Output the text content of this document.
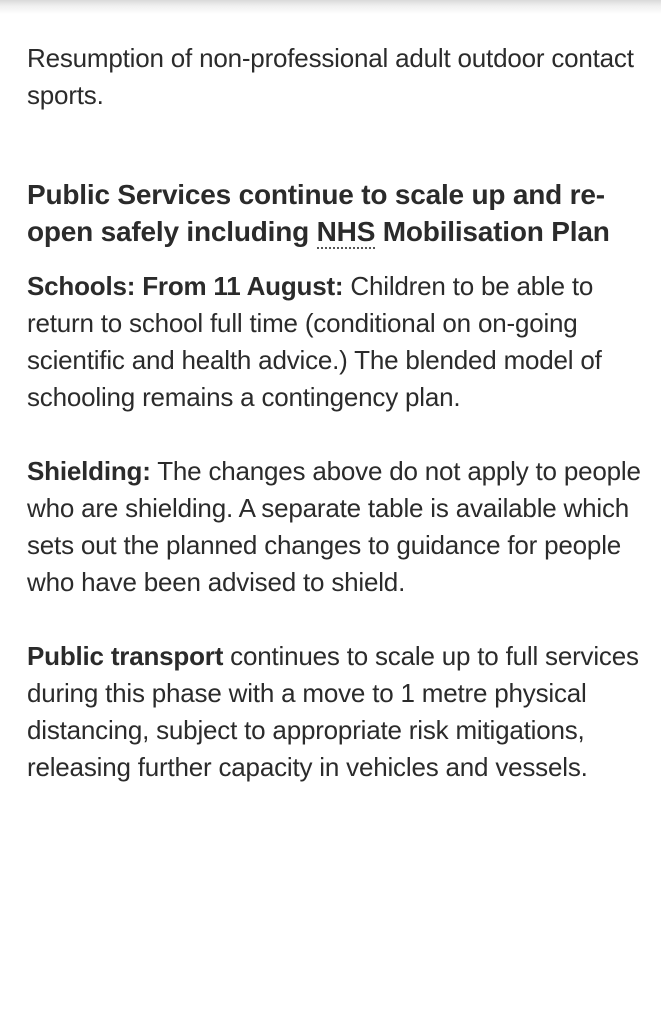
Resumption of non-professional adult outdoor contact sports.

Public Services continue to scale up and re-open safely including NHS Mobilisation Plan

Schools: From 11 August: Children to be able to return to school full time (conditional on on-going scientific and health advice.) The blended model of schooling remains a contingency plan.

Shielding: The changes above do not apply to people who are shielding. A separate table is available which sets out the planned changes to guidance for people who have been advised to shield.

Public transport continues to scale up to full services during this phase with a move to 1 metre physical distancing, subject to appropriate risk mitigations, releasing further capacity in vehicles and vessels.
